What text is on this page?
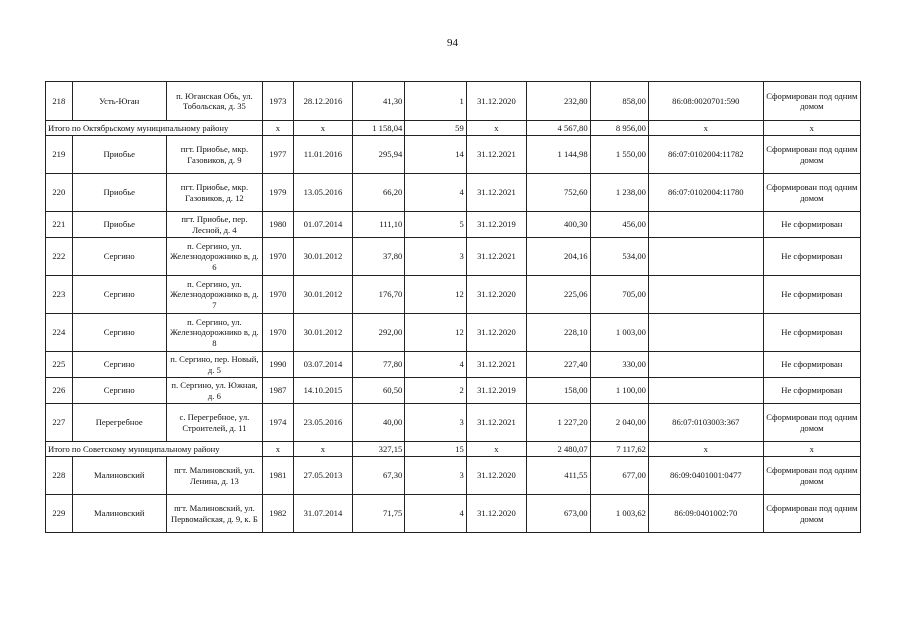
94
218	Усть-Юган	п. Юганская Обь, ул. Тобольская, д. 35	1973	28.12.2016	41,30	1	31.12.2020	232,80	858,00	86:08:0020701:590	Сформирован под одним домом
Итого по Октябрьскому муниципальному району			x	x	1 158,04	59	x	4 567,80	8 956,00	x	x
219	Приобье	пгт. Приобье, мкр. Газовиков, д. 9	1977	11.01.2016	295,94	14	31.12.2021	1 144,98	1 550,00	86:07:0102004:11782	Сформирован под одним домом
220	Приобье	пгт. Приобье, мкр. Газовиков, д. 12	1979	13.05.2016	66,20	4	31.12.2021	752,60	1 238,00	86:07:0102004:11780	Сформирован под одним домом
221	Приобье	пгт. Приобье, пер. Лесной, д. 4	1980	01.07.2014	111,10	5	31.12.2019	400,30	456,00		Не сформирован
222	Сергино	п. Сергино, ул. Железнодорожнико в, д. 6	1970	30.01.2012	37,80	3	31.12.2021	204,16	534,00		Не сформирован
223	Сергино	п. Сергино, ул. Железнодорожнико в, д. 7	1970	30.01.2012	176,70	12	31.12.2020	225,06	705,00		Не сформирован
224	Сергино	п. Сергино, ул. Железнодорожнико в, д. 8	1970	30.01.2012	292,00	12	31.12.2020	228,10	1 003,00		Не сформирован
225	Сергино	п. Сергино, пер. Новый, д. 5	1990	03.07.2014	77,80	4	31.12.2021	227,40	330,00		Не сформирован
226	Сергино	п. Сергино, ул. Южная, д. 6	1987	14.10.2015	60,50	2	31.12.2019	158,00	1 100,00		Не сформирован
227	Перегребное	с. Перегребное, ул. Строителей, д. 11	1974	23.05.2016	40,00	3	31.12.2021	1 227,20	2 040,00	86:07:0103003:367	Сформирован под одним домом
Итого по Советскому муниципальному району			x	x	327,15	15	x	2 480,07	7 117,62	x	x
228	Малиновский	пгт. Малиновский, ул. Ленина, д. 13	1981	27.05.2013	67,30	3	31.12.2020	411,55	677,00	86:09:0401001:0477	Сформирован под одним домом
229	Малиновский	пгт. Малиновский, ул. Первомайская, д. 9, к. Б	1982	31.07.2014	71,75	4	31.12.2020	673,00	1 003,62	86:09:0401002:70	Сформирован под одним домом
